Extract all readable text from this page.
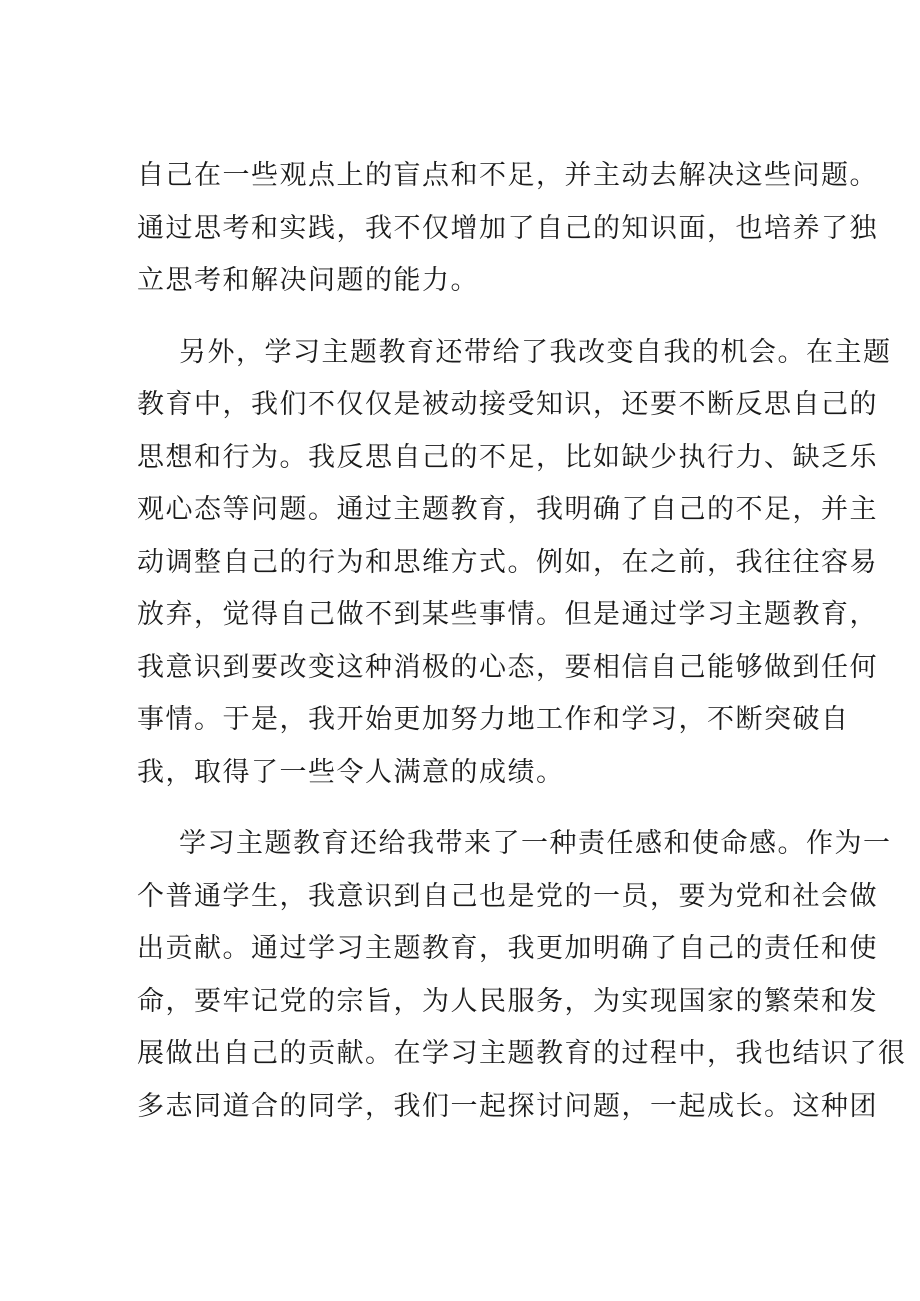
自己在一些观点上的盲点和不足，并主动去解决这些问题。
通过思考和实践，我不仅增加了自己的知识面，也培养了独
立思考和解决问题的能力。

另外，学习主题教育还带给了我改变自我的机会。在主题
教育中，我们不仅仅是被动接受知识，还要不断反思自己的
思想和行为。我反思自己的不足，比如缺少执行力、缺乏乐
观心态等问题。通过主题教育，我明确了自己的不足，并主
动调整自己的行为和思维方式。例如，在之前，我往往容易
放弃，觉得自己做不到某些事情。但是通过学习主题教育，
我意识到要改变这种消极的心态，要相信自己能够做到任何
事情。于是，我开始更加努力地工作和学习，不断突破自
我，取得了一些令人满意的成绩。

学习主题教育还给我带来了一种责任感和使命感。作为一
个普通学生，我意识到自己也是党的一员，要为党和社会做
出贡献。通过学习主题教育，我更加明确了自己的责任和使
命，要牢记党的宗旨，为人民服务，为实现国家的繁荣和发
展做出自己的贡献。在学习主题教育的过程中，我也结识了很
多志同道合的同学，我们一起探讨问题，一起成长。这种团
